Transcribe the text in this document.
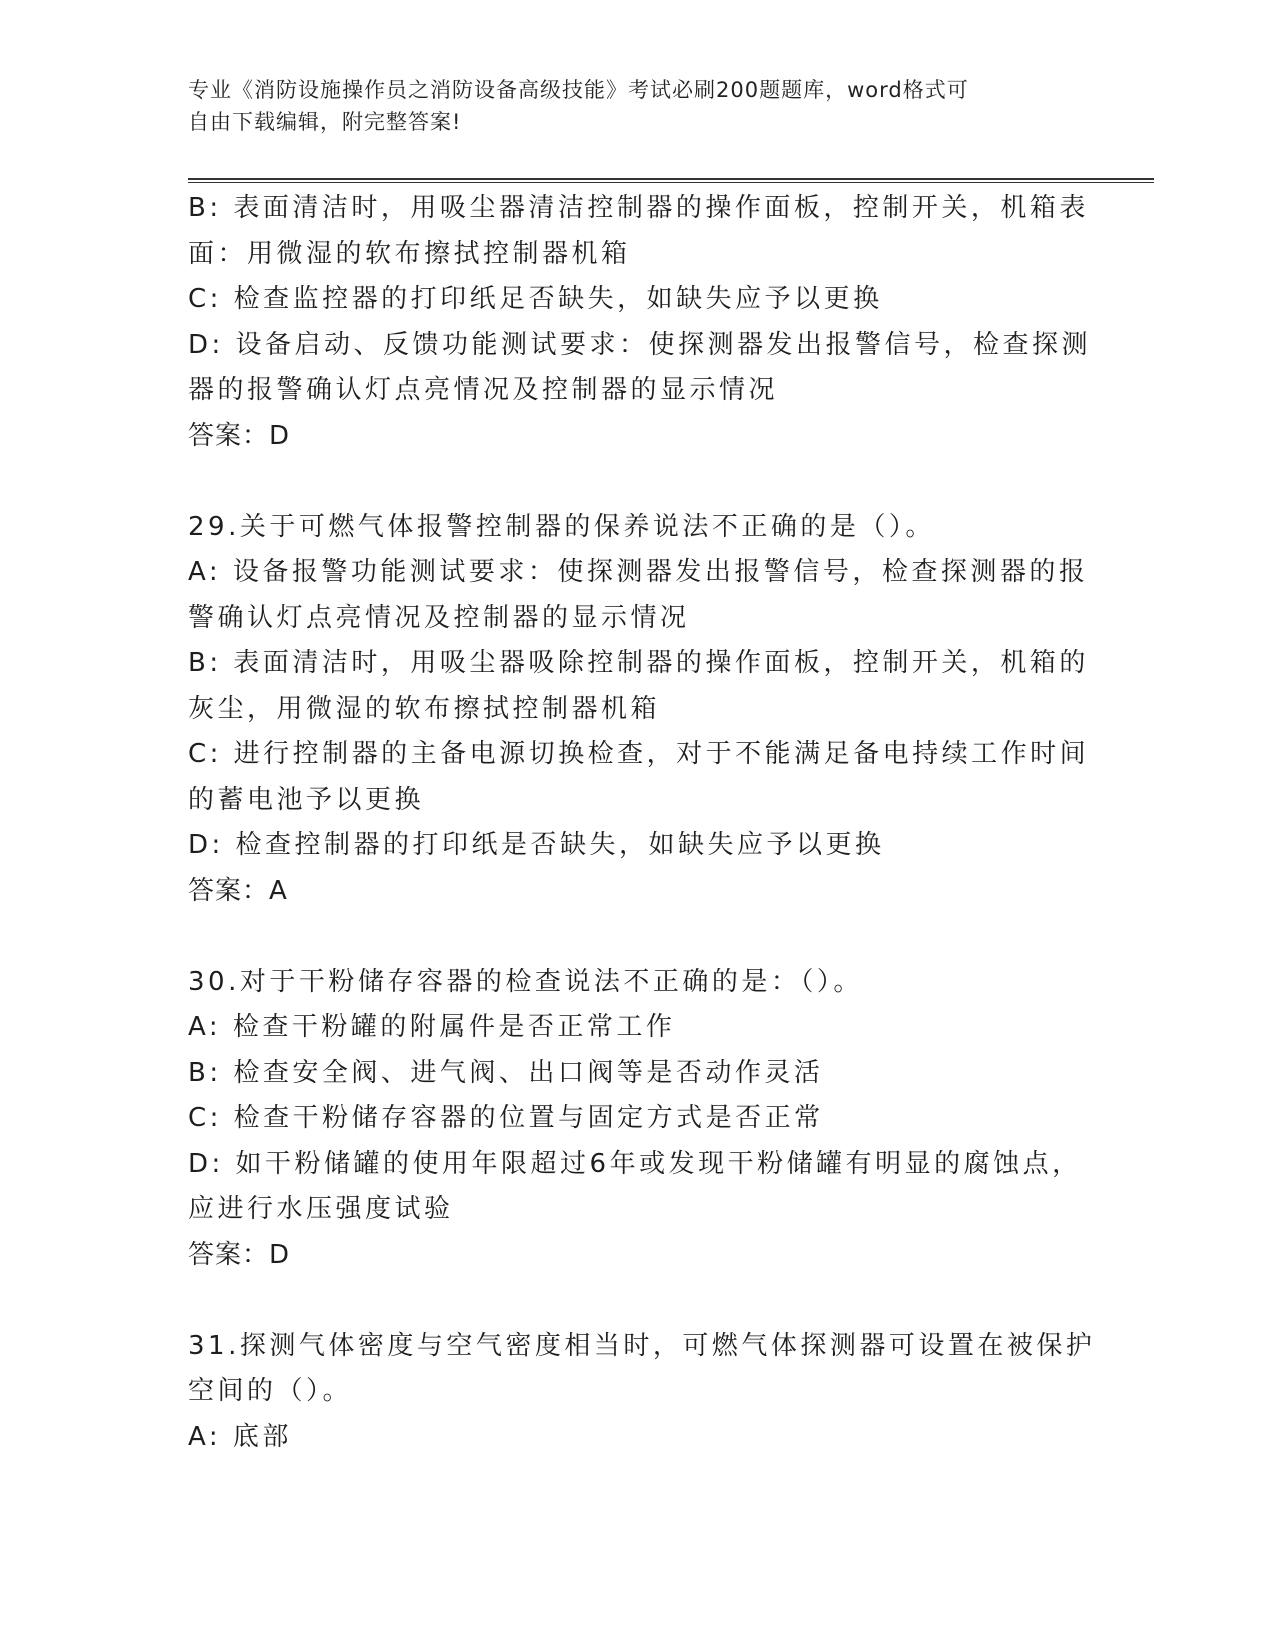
专业《消防设施操作员之消防设备高级技能》考试必刷200题题库，word格式可
自由下载编辑，附完整答案!
B: 表面清洁时，用吸尘器清洁控制器的操作面板，控制开关，机箱表
面：用微湿的软布擦拭控制器机箱
C: 检查监控器的打印纸足否缺失，如缺失应予以更换
D: 设备启动、反馈功能测试要求：使探测器发出报警信号，检查探测
器的报警确认灯点亮情况及控制器的显示情况
答案：D
29.关于可燃气体报警控制器的保养说法不正确的是（）。
A: 设备报警功能测试要求：使探测器发出报警信号，检查探测器的报
警确认灯点亮情况及控制器的显示情况
B: 表面清洁时，用吸尘器吸除控制器的操作面板，控制开关，机箱的
灰尘，用微湿的软布擦拭控制器机箱
C: 进行控制器的主备电源切换检查，对于不能满足备电持续工作时间
的蓄电池予以更换
D: 检查控制器的打印纸是否缺失，如缺失应予以更换
答案：A
30.对于干粉储存容器的检查说法不正确的是：（）。
A: 检查干粉罐的附属件是否正常工作
B: 检查安全阀、进气阀、出口阀等是否动作灵活
C: 检查干粉储存容器的位置与固定方式是否正常
D: 如干粉储罐的使用年限超过6年或发现干粉储罐有明显的腐蚀点，
应进行水压强度试验
答案：D
31.探测气体密度与空气密度相当时，可燃气体探测器可设置在被保护
空间的（）。
A: 底部
